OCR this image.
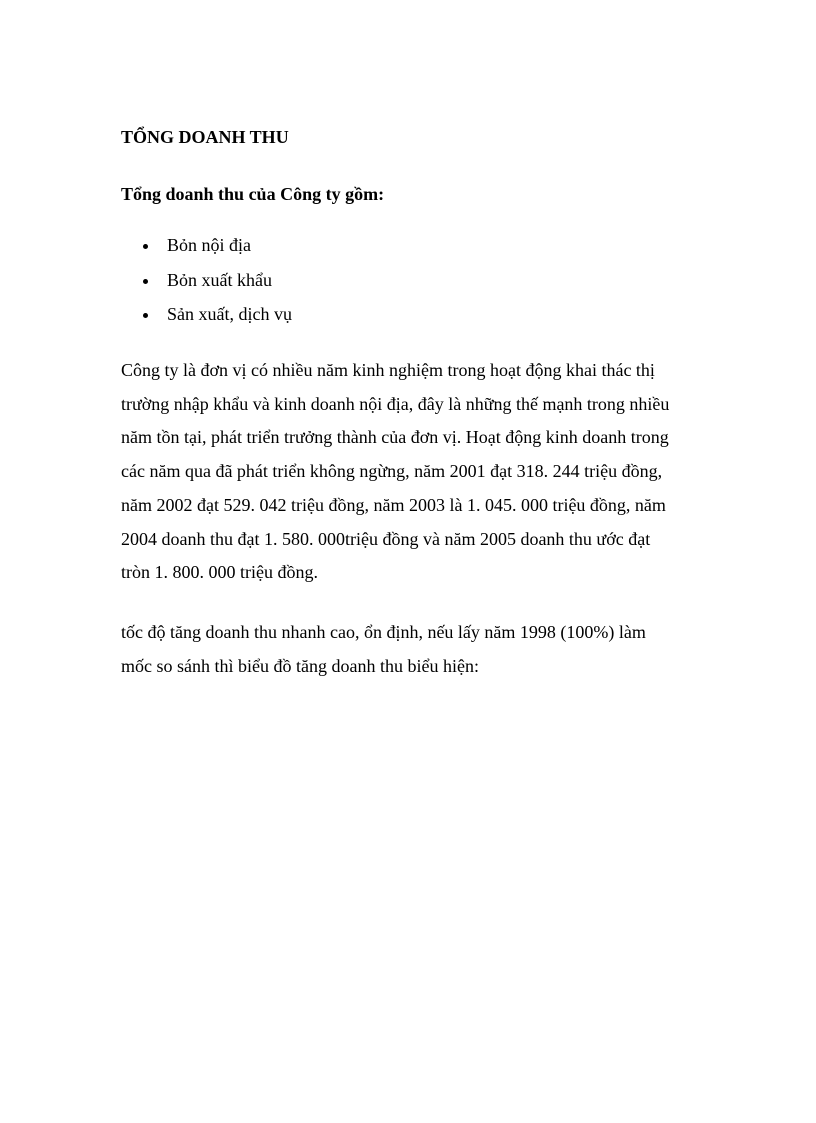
TỔNG DOANH THU
Tổng doanh thu của Công ty gồm:
Bỏn nội địa
Bỏn xuất khẩu
Sản xuất, dịch vụ

Công ty là đơn vị có nhiều năm kinh nghiệm trong hoạt động khai thác thị
trường nhập khẩu và kinh doanh nội địa, đây là những thế mạnh trong nhiều
năm tồn tại, phát triển trưởng thành của đơn vị. Hoạt động kinh doanh trong
các năm qua đã phát triển không ngừng, năm 2001 đạt 318. 244 triệu đồng,
năm 2002 đạt 529. 042 triệu đồng, năm 2003 là 1. 045. 000 triệu đồng, năm
2004 doanh thu đạt 1. 580. 000triệu đồng và năm 2005 doanh thu ước đạt
tròn 1. 800. 000 triệu đồng.

tốc độ tăng doanh thu nhanh cao, ổn định, nếu lấy năm 1998 (100%) làm
mốc so sánh thì biểu đồ tăng doanh thu biểu hiện:
